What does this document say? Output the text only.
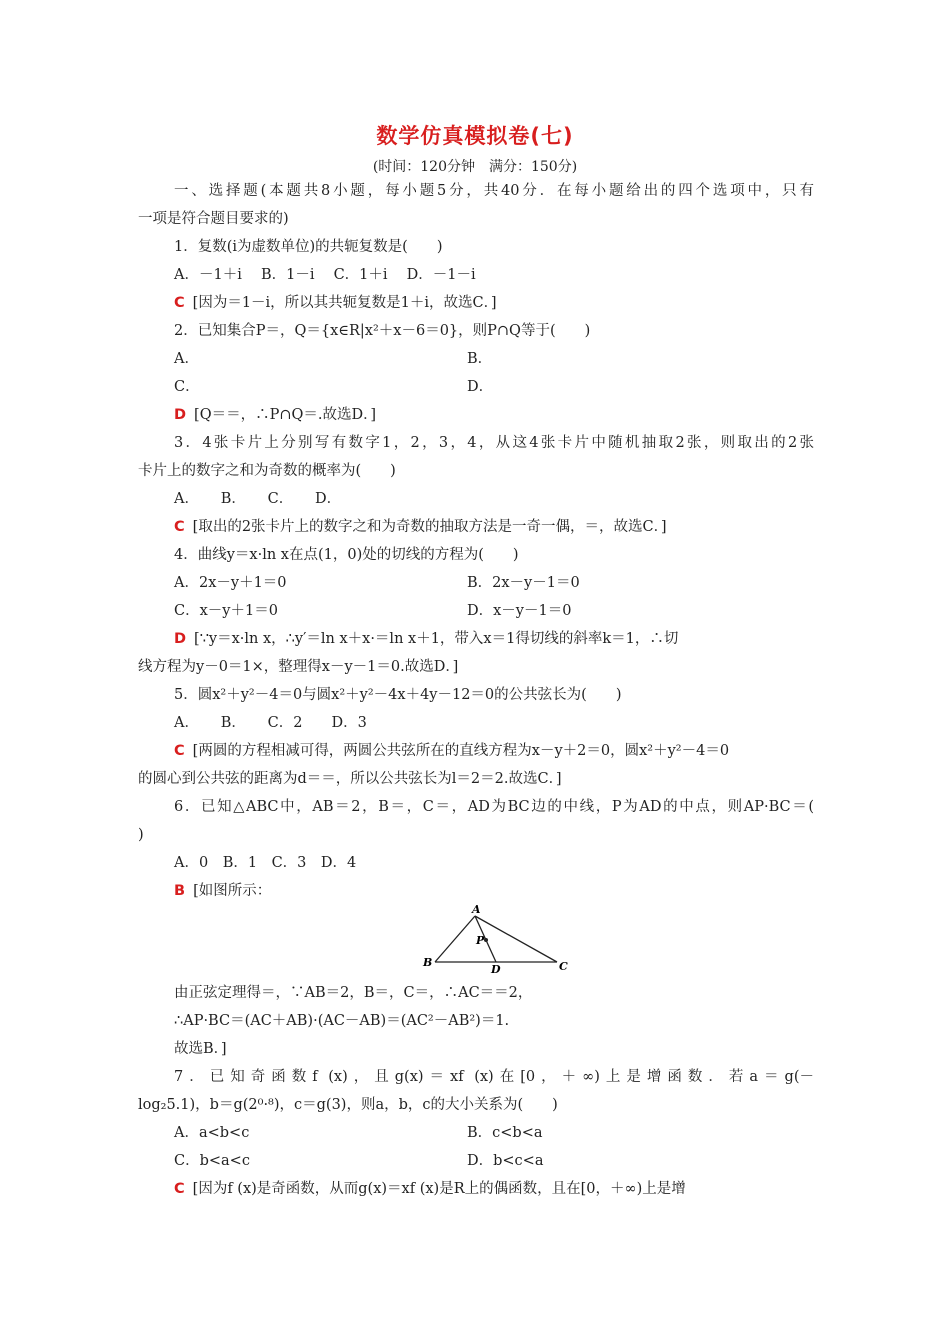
数学仿真模拟卷(七)
(时间：120分钟　满分：150分)
一、选择题(本题共8小题，每小题5分，共40分．在每小题给出的四个选项中，只有
一项是符合题目要求的)
1．复数(i为虚数单位)的共轭复数是(　　)
A．－1＋i　 B．1－i　 C．1＋i　 D．－1－i
C [因为＝1－i，所以其共轭复数是1＋i，故选C．]
2．已知集合P＝，Q＝{x∈R|x²＋x－6＝0}，则P∩Q等于(　　)
A．	B．
C．	D．
D [Q＝＝，∴P∩Q＝.故选D．]
3．4张卡片上分别写有数字1，2，3，4，从这4张卡片中随机抽取2张，则取出的2张
卡片上的数字之和为奇数的概率为(　　)
A．　　B．　　C．　　D．
C [取出的2张卡片上的数字之和为奇数的抽取方法是一奇一偶，＝，故选C．]
4．曲线y＝x·ln x在点(1，0)处的切线的方程为(　　)
A．2x－y＋1＝0	B．2x－y－1＝0
C．x－y＋1＝0	D．x－y－1＝0
D [∵y＝x·ln x，∴y′＝ln x＋x·＝ln x＋1，带入x＝1得切线的斜率k＝1，∴切
线方程为y－0＝1×，整理得x－y－1＝0.故选D．]
5．圆x²＋y²－4＝0与圆x²＋y²－4x＋4y－12＝0的公共弦长为(　　)
A．　　B．　　C．2　　D．3
C [两圆的方程相减可得，两圆公共弦所在的直线方程为x－y＋2＝0，圆x²＋y²－4＝0
的圆心到公共弦的距离为d＝＝，所以公共弦长为l＝2＝2.故选C．]
6．已知△ABC中，AB＝2，B＝，C＝，AD为BC边的中线，P为AD的中点，则AP·BC＝(
)
A．0　B．1　C．3　D．4
B [如图所示：
A
B	C
D
P
由正弦定理得＝，∵AB＝2，B＝，C＝，∴AC＝＝2，
∴AP·BC＝(AC＋AB)·(AC－AB)＝(AC²－AB²)＝1.
故选B．]
7．已知奇函数f (x)，且g(x)＝xf (x)在[0，＋∞)上是增函数．若a＝g(－
log₂5.1)，b＝g(2⁰·⁸)，c＝g(3)，则a，b，c的大小关系为(　　)
A．a<b<c	B．c<b<a
C．b<a<c	D．b<c<a
C [因为f (x)是奇函数，从而g(x)＝xf (x)是R上的偶函数，且在[0，＋∞)上是增
